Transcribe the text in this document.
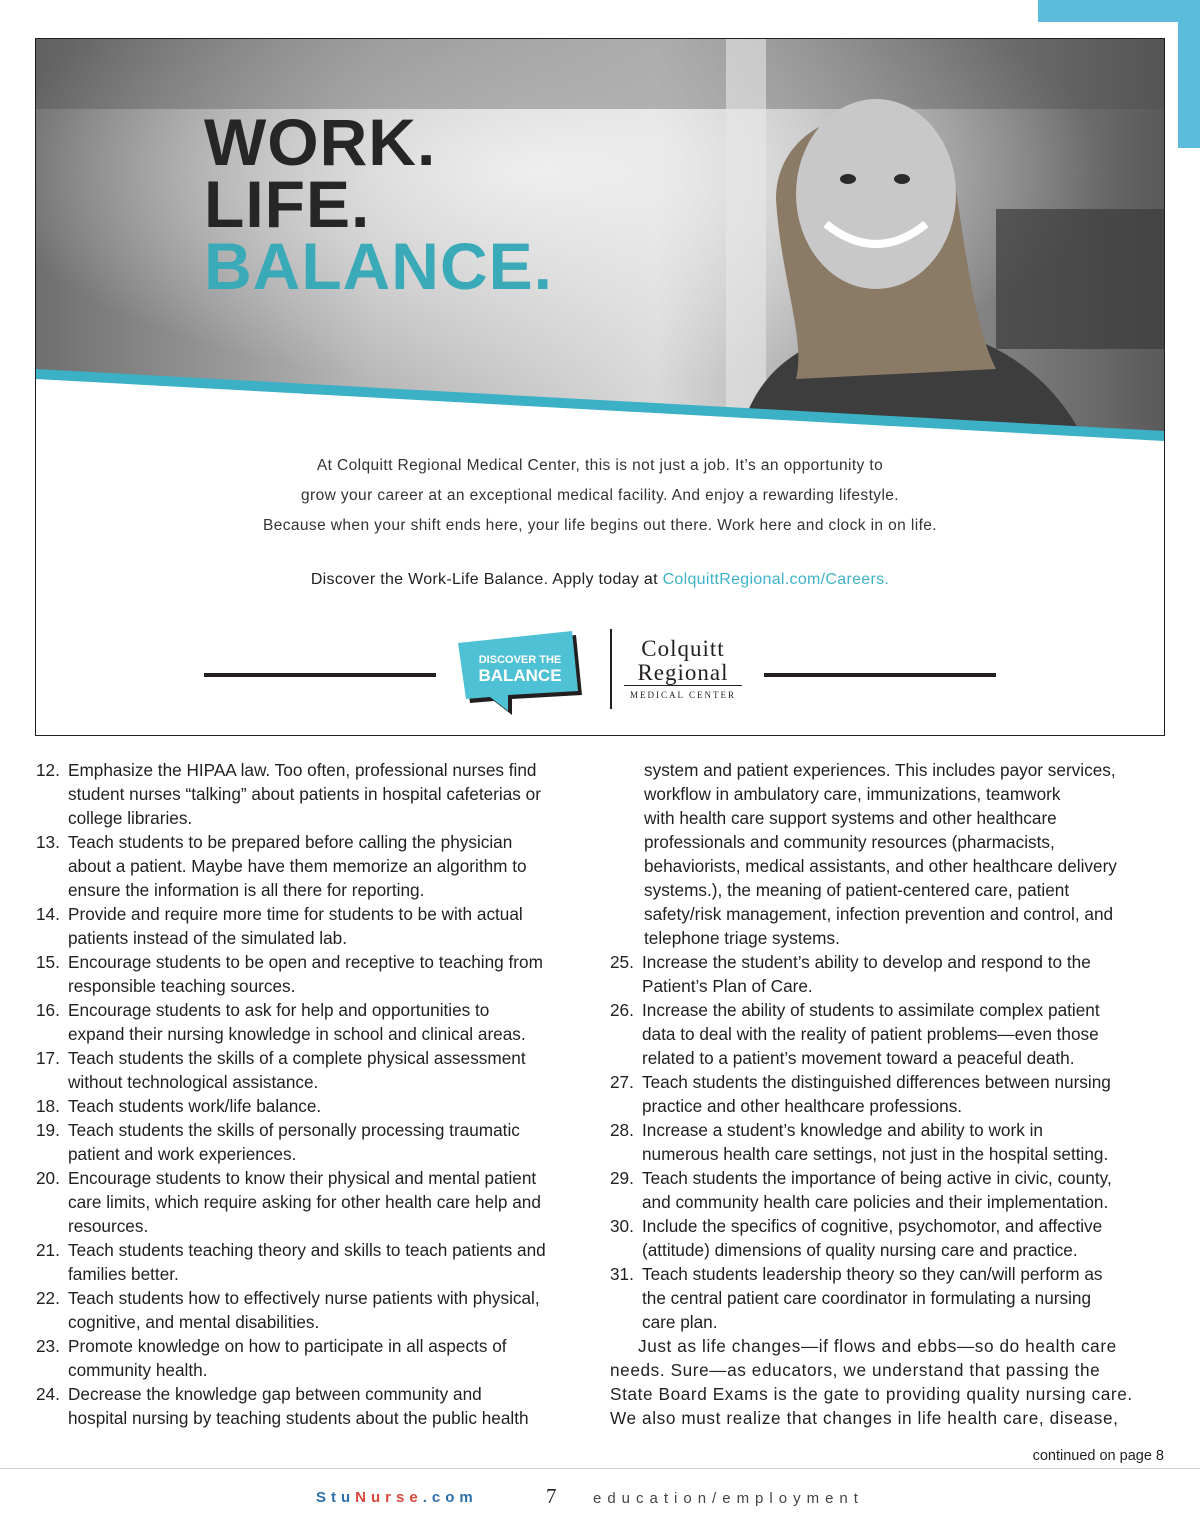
WORK.
LIFE.
BALANCE.
At Colquitt Regional Medical Center, this is not just a job. It’s an opportunity to
grow your career at an exceptional medical facility. And enjoy a rewarding lifestyle.
Because when your shift ends here, your life begins out there. Work here and clock in on life.
Discover the Work-Life Balance. Apply today at ColquittRegional.com/Careers.
DISCOVER THE
BALANCE
Colquitt
Regional
MEDICAL CENTER
12. Emphasize the HIPAA law. Too often, professional nurses find
student nurses “talking” about patients in hospital cafeterias or
college libraries.
13. Teach students to be prepared before calling the physician
about a patient. Maybe have them memorize an algorithm to
ensure the information is all there for reporting.
14. Provide and require more time for students to be with actual
patients instead of the simulated lab.
15. Encourage students to be open and receptive to teaching from
responsible teaching sources.
16. Encourage students to ask for help and opportunities to
expand their nursing knowledge in school and clinical areas.
17. Teach students the skills of a complete physical assessment
without technological assistance.
18. Teach students work/life balance.
19. Teach students the skills of personally processing traumatic
patient and work experiences.
20. Encourage students to know their physical and mental patient
care limits, which require asking for other health care help and
resources.
21. Teach students teaching theory and skills to teach patients and
families better.
22. Teach students how to effectively nurse patients with physical,
cognitive, and mental disabilities.
23. Promote knowledge on how to participate in all aspects of
community health.
24. Decrease the knowledge gap between community and
hospital nursing by teaching students about the public health
system and patient experiences. This includes payor services,
workflow in ambulatory care, immunizations, teamwork
with health care support systems and other healthcare
professionals and community resources (pharmacists,
behaviorists, medical assistants, and other healthcare delivery
systems.), the meaning of patient-centered care, patient
safety/risk management, infection prevention and control, and
telephone triage systems.
25. Increase the student’s ability to develop and respond to the
Patient’s Plan of Care.
26. Increase the ability of students to assimilate complex patient
data to deal with the reality of patient problems—even those
related to a patient’s movement toward a peaceful death.
27. Teach students the distinguished differences between nursing
practice and other healthcare professions.
28. Increase a student’s knowledge and ability to work in
numerous health care settings, not just in the hospital setting.
29. Teach students the importance of being active in civic, county,
and community health care policies and their implementation.
30. Include the specifics of cognitive, psychomotor, and affective
(attitude) dimensions of quality nursing care and practice.
31. Teach students leadership theory so they can/will perform as
the central patient care coordinator in formulating a nursing
care plan.
Just as life changes—if flows and ebbs—so do health care
needs. Sure—as educators, we understand that passing the
State Board Exams is the gate to providing quality nursing care.
We also must realize that changes in life health care, disease,
continued on page 8
StuNurse.com	7 education/employment
